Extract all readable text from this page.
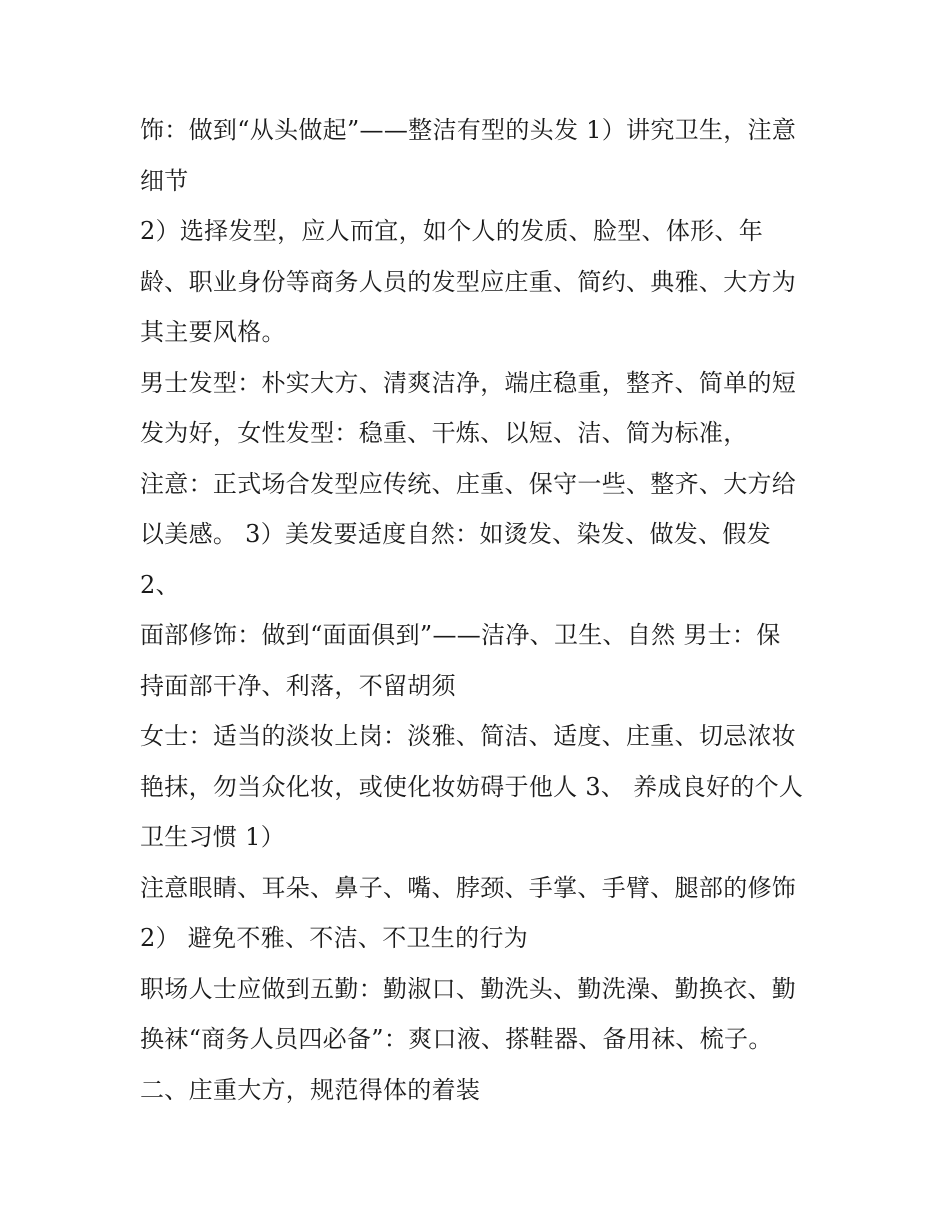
饰：做到“从头做起”——整洁有型的头发 1）讲究卫生，注意
细节
2）选择发型，应人而宜，如个人的发质、脸型、体形、年
龄、职业身份等商务人员的发型应庄重、简约、典雅、大方为
其主要风格。
男士发型：朴实大方、清爽洁净，端庄稳重，整齐、简单的短
发为好，女性发型：稳重、干炼、以短、洁、简为标准，
注意：正式场合发型应传统、庄重、保守一些、整齐、大方给
以美感。 3）美发要适度自然：如烫发、染发、做发、假发
2、
面部修饰：做到“面面俱到”——洁净、卫生、自然 男士：保
持面部干净、利落，不留胡须
女士：适当的淡妆上岗：淡雅、简洁、适度、庄重、切忌浓妆
艳抹，勿当众化妆，或使化妆妨碍于他人 3、 养成良好的个人
卫生习惯 1）
注意眼睛、耳朵、鼻子、嘴、脖颈、手掌、手臂、腿部的修饰
2） 避免不雅、不洁、不卫生的行为
职场人士应做到五勤：勤淑口、勤洗头、勤洗澡、勤换衣、勤
换袜“商务人员四必备”：爽口液、搽鞋器、备用袜、梳子。
二、庄重大方，规范得体的着装
